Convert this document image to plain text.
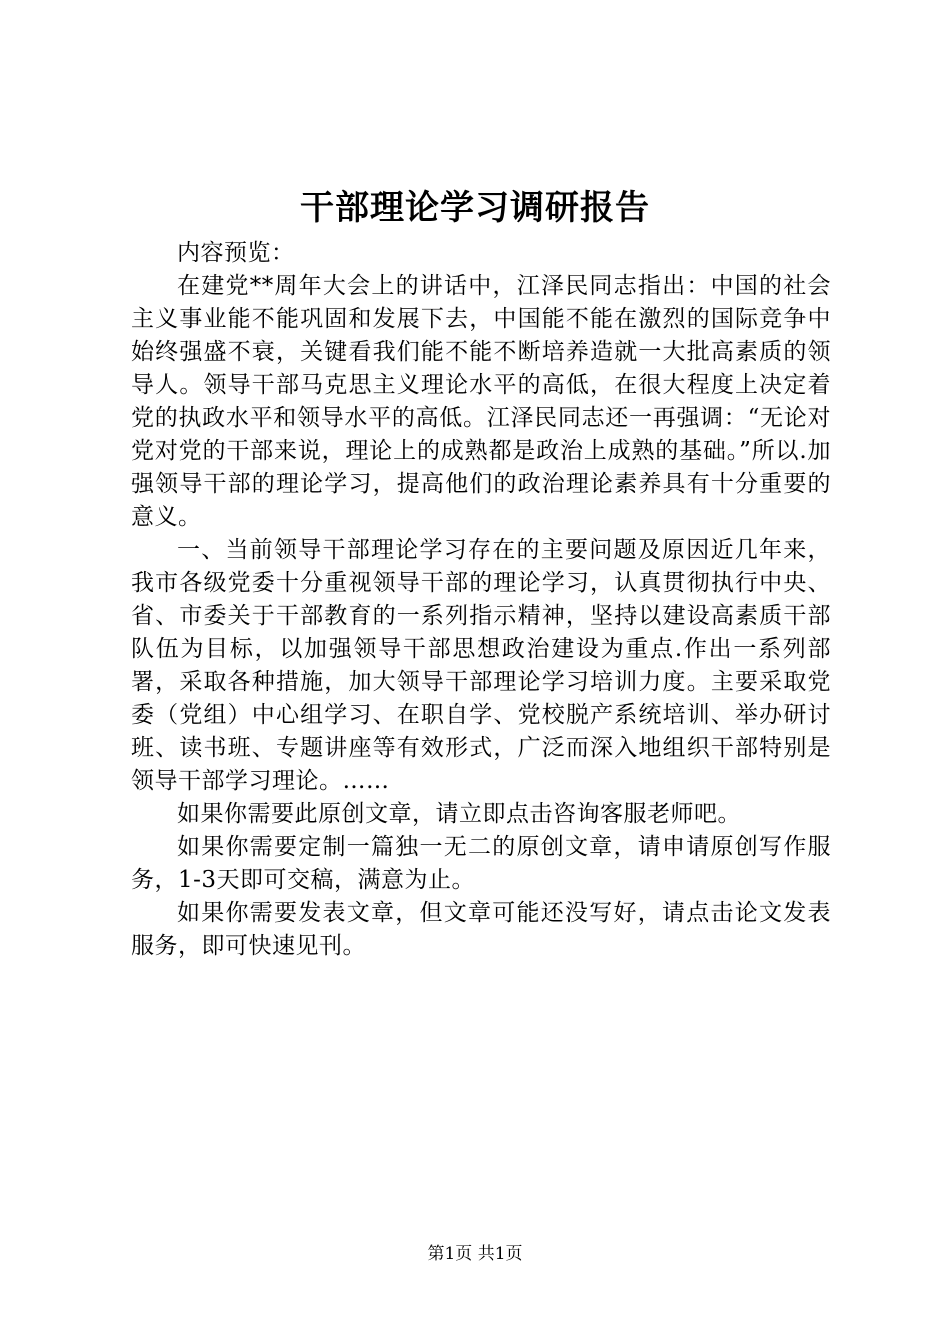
干部理论学习调研报告

内容预览：

在建党**周年大会上的讲话中，江泽民同志指出：中国的社会主义事业能不能巩固和发展下去，中国能不能在激烈的国际竞争中始终强盛不衰，关键看我们能不能不断培养造就一大批高素质的领导人。领导干部马克思主义理论水平的高低，在很大程度上决定着党的执政水平和领导水平的高低。江泽民同志还一再强调：“无论对党对党的干部来说，理论上的成熟都是政治上成熟的基础。”所以.加强领导干部的理论学习，提高他们的政治理论素养具有十分重要的意义。

一、当前领导干部理论学习存在的主要问题及原因近几年来，我市各级党委十分重视领导干部的理论学习，认真贯彻执行中央、省、市委关于干部教育的一系列指示精神，坚持以建设高素质干部队伍为目标，以加强领导干部思想政治建设为重点.作出一系列部署，采取各种措施，加大领导干部理论学习培训力度。主要采取党委（党组）中心组学习、在职自学、党校脱产系统培训、举办研讨班、读书班、专题讲座等有效形式，广泛而深入地组织干部特别是领导干部学习理论。……

如果你需要此原创文章，请立即点击咨询客服老师吧。

如果你需要定制一篇独一无二的原创文章，请申请原创写作服务，1-3天即可交稿，满意为止。

如果你需要发表文章，但文章可能还没写好，请点击论文发表服务，即可快速见刊。

第1页 共1页
